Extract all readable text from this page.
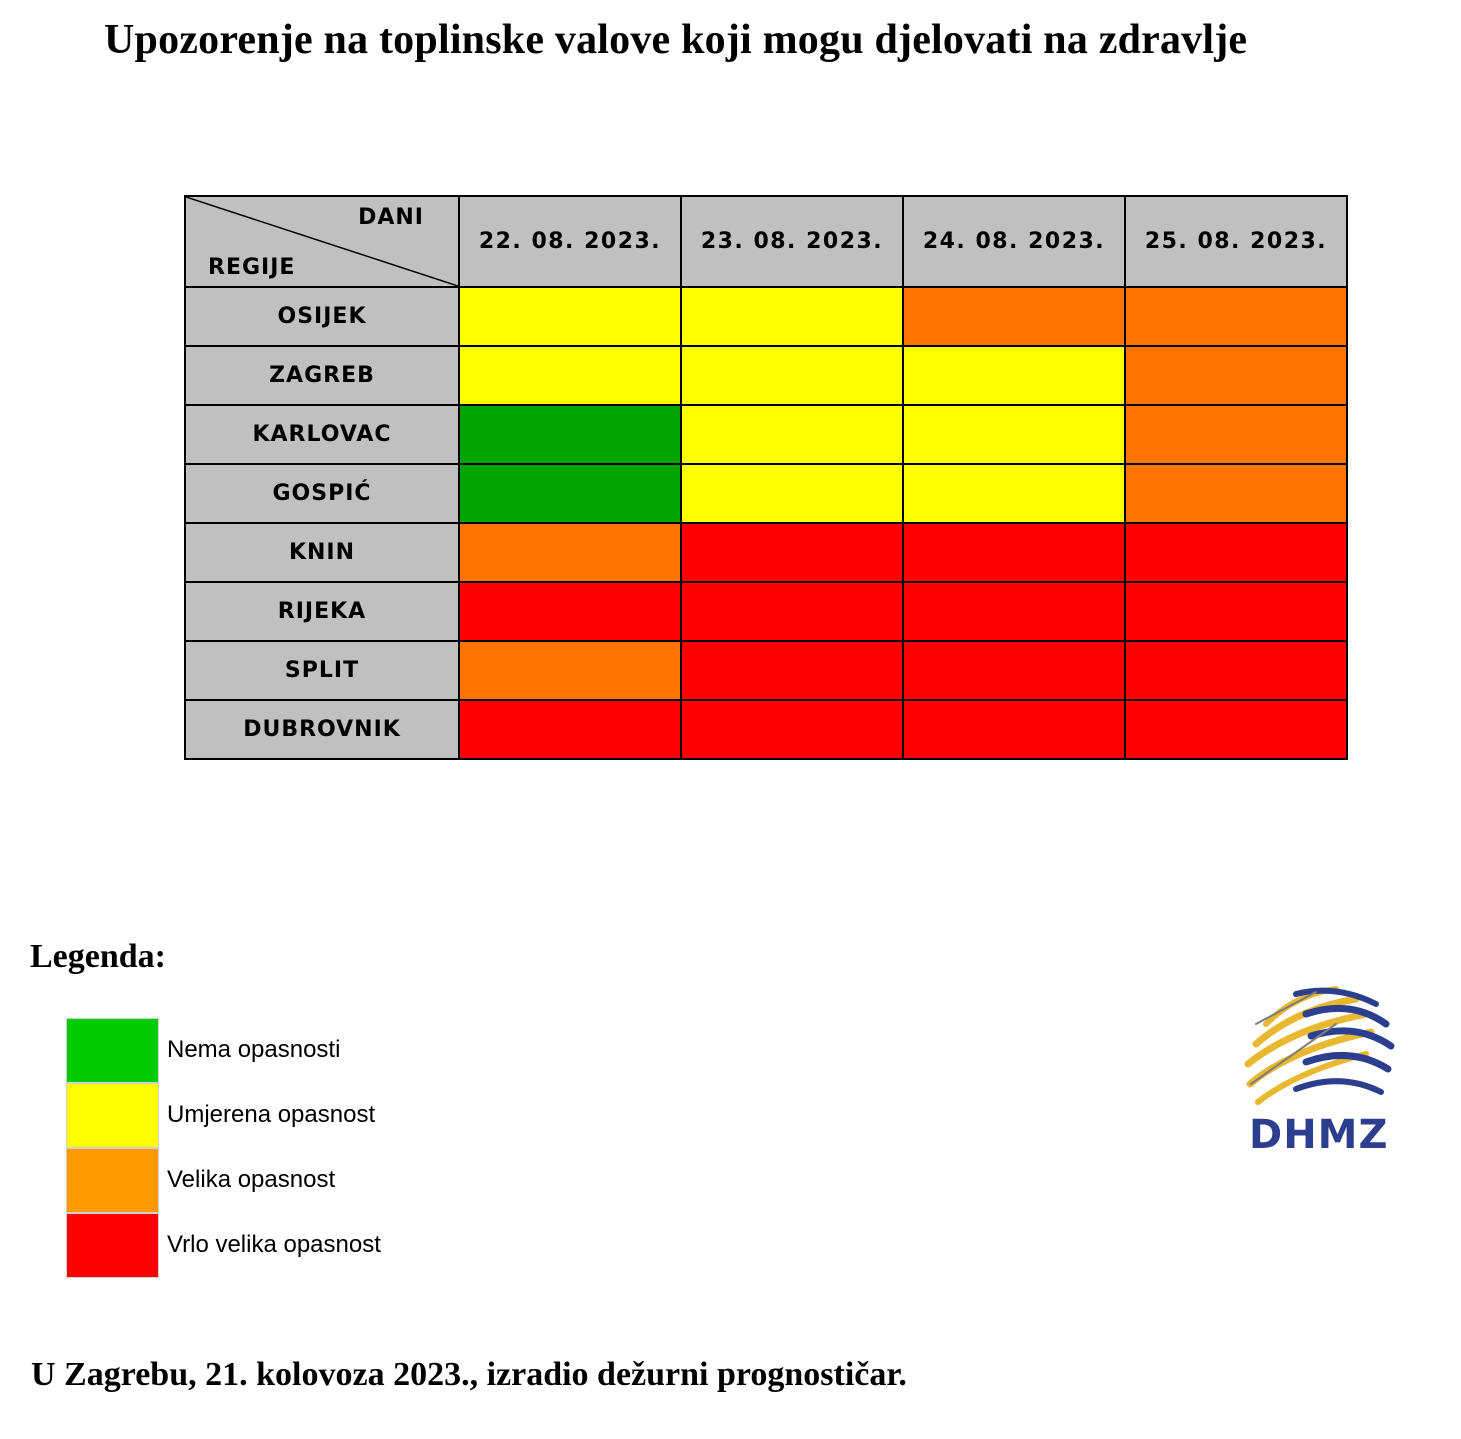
Upozorenje na toplinske valove koji mogu djelovati na zdravlje
DANI
REGIJE	22. 08. 2023.	23. 08. 2023.	24. 08. 2023.	25. 08. 2023.
OSIJEK				
ZAGREB				
KARLOVAC				
GOSPIĆ				
KNIN				
RIJEKA				
SPLIT				
DUBROVNIK				
Legenda:
Nema opasnosti
Umjerena opasnost
Velika opasnost
Vrlo velika opasnost
DHMZ
U Zagrebu, 21. kolovoza 2023., izradio dežurni prognostičar.
